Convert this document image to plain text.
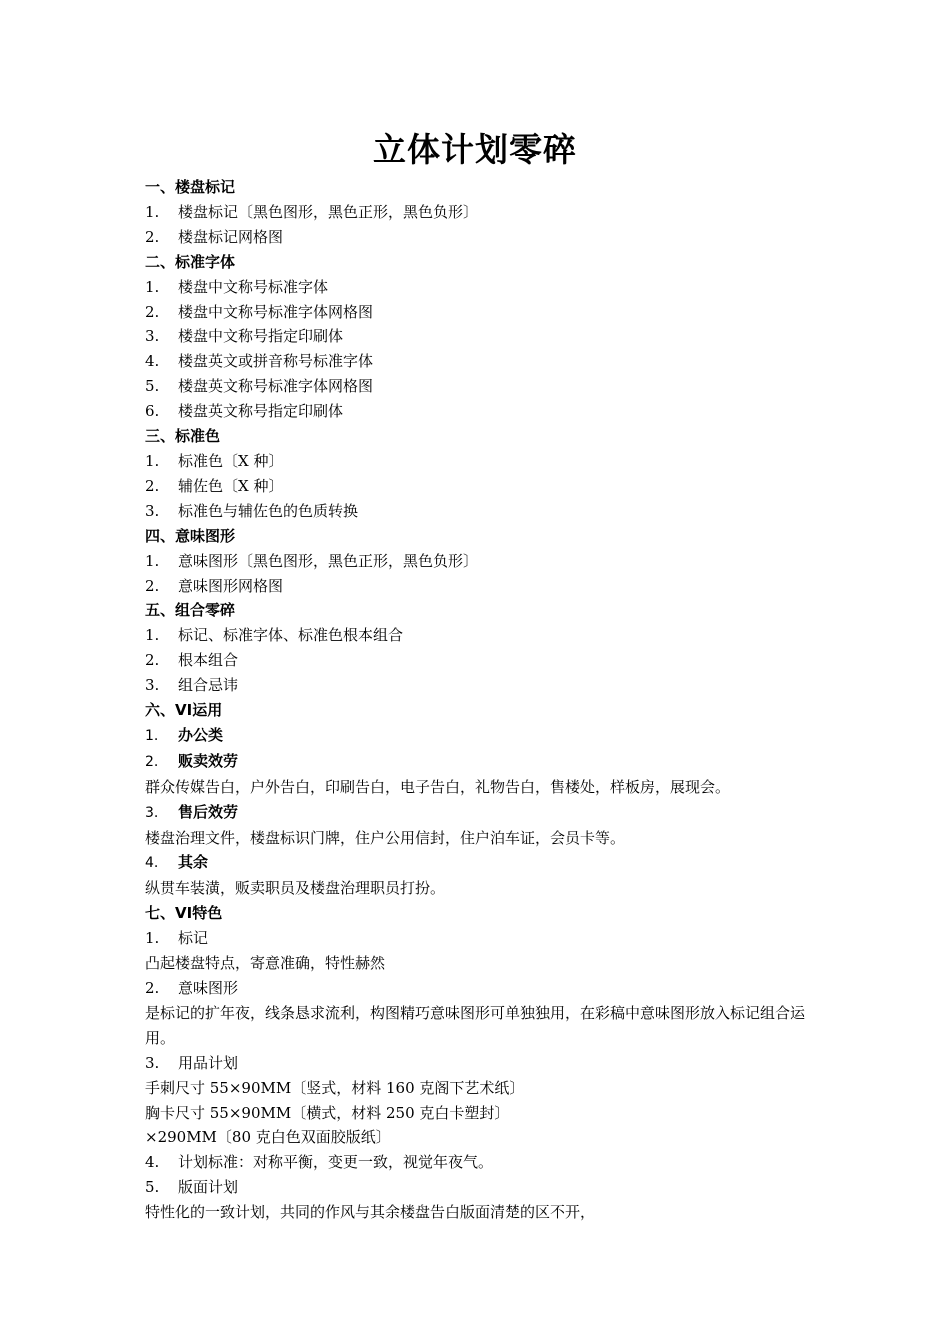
立体计划零碎
一、楼盘标记
1. 楼盘标记〔黑色图形，黑色正形，黑色负形〕
2. 楼盘标记网格图
二、标准字体
1. 楼盘中文称号标准字体
2. 楼盘中文称号标准字体网格图
3. 楼盘中文称号指定印刷体
4. 楼盘英文或拼音称号标准字体
5. 楼盘英文称号标准字体网格图
6. 楼盘英文称号指定印刷体
三、标准色
1. 标准色〔X 种〕
2. 辅佐色〔X 种〕
3. 标准色与辅佐色的色质转换
四、意味图形
1. 意味图形〔黑色图形，黑色正形，黑色负形〕
2. 意味图形网格图
五、组合零碎
1. 标记、标准字体、标准色根本组合
2. 根本组合
3. 组合忌讳
六、VI运用
1. 办公类
2. 贩卖效劳
群众传媒告白，户外告白，印刷告白，电子告白，礼物告白，售楼处，样板房，展现会。
3. 售后效劳
楼盘治理文件，楼盘标识门牌，住户公用信封，住户泊车证，会员卡等。
4. 其余
纵贯车装潢，贩卖职员及楼盘治理职员打扮。
七、VI特色
1. 标记
凸起楼盘特点，寄意准确，特性赫然
2. 意味图形
是标记的扩年夜，线条恳求流利，构图精巧意味图形可单独独用，在彩稿中意味图形放入标记组合运用。
3. 用品计划
手刺尺寸 55×90MM〔竖式，材料 160 克阁下艺术纸〕
胸卡尺寸 55×90MM〔横式，材料 250 克白卡塑封〕
×290MM〔80 克白色双面胶版纸〕
4. 计划标准：对称平衡，变更一致，视觉年夜气。
5. 版面计划
特性化的一致计划，共同的作风与其余楼盘告白版面清楚的区不开，
